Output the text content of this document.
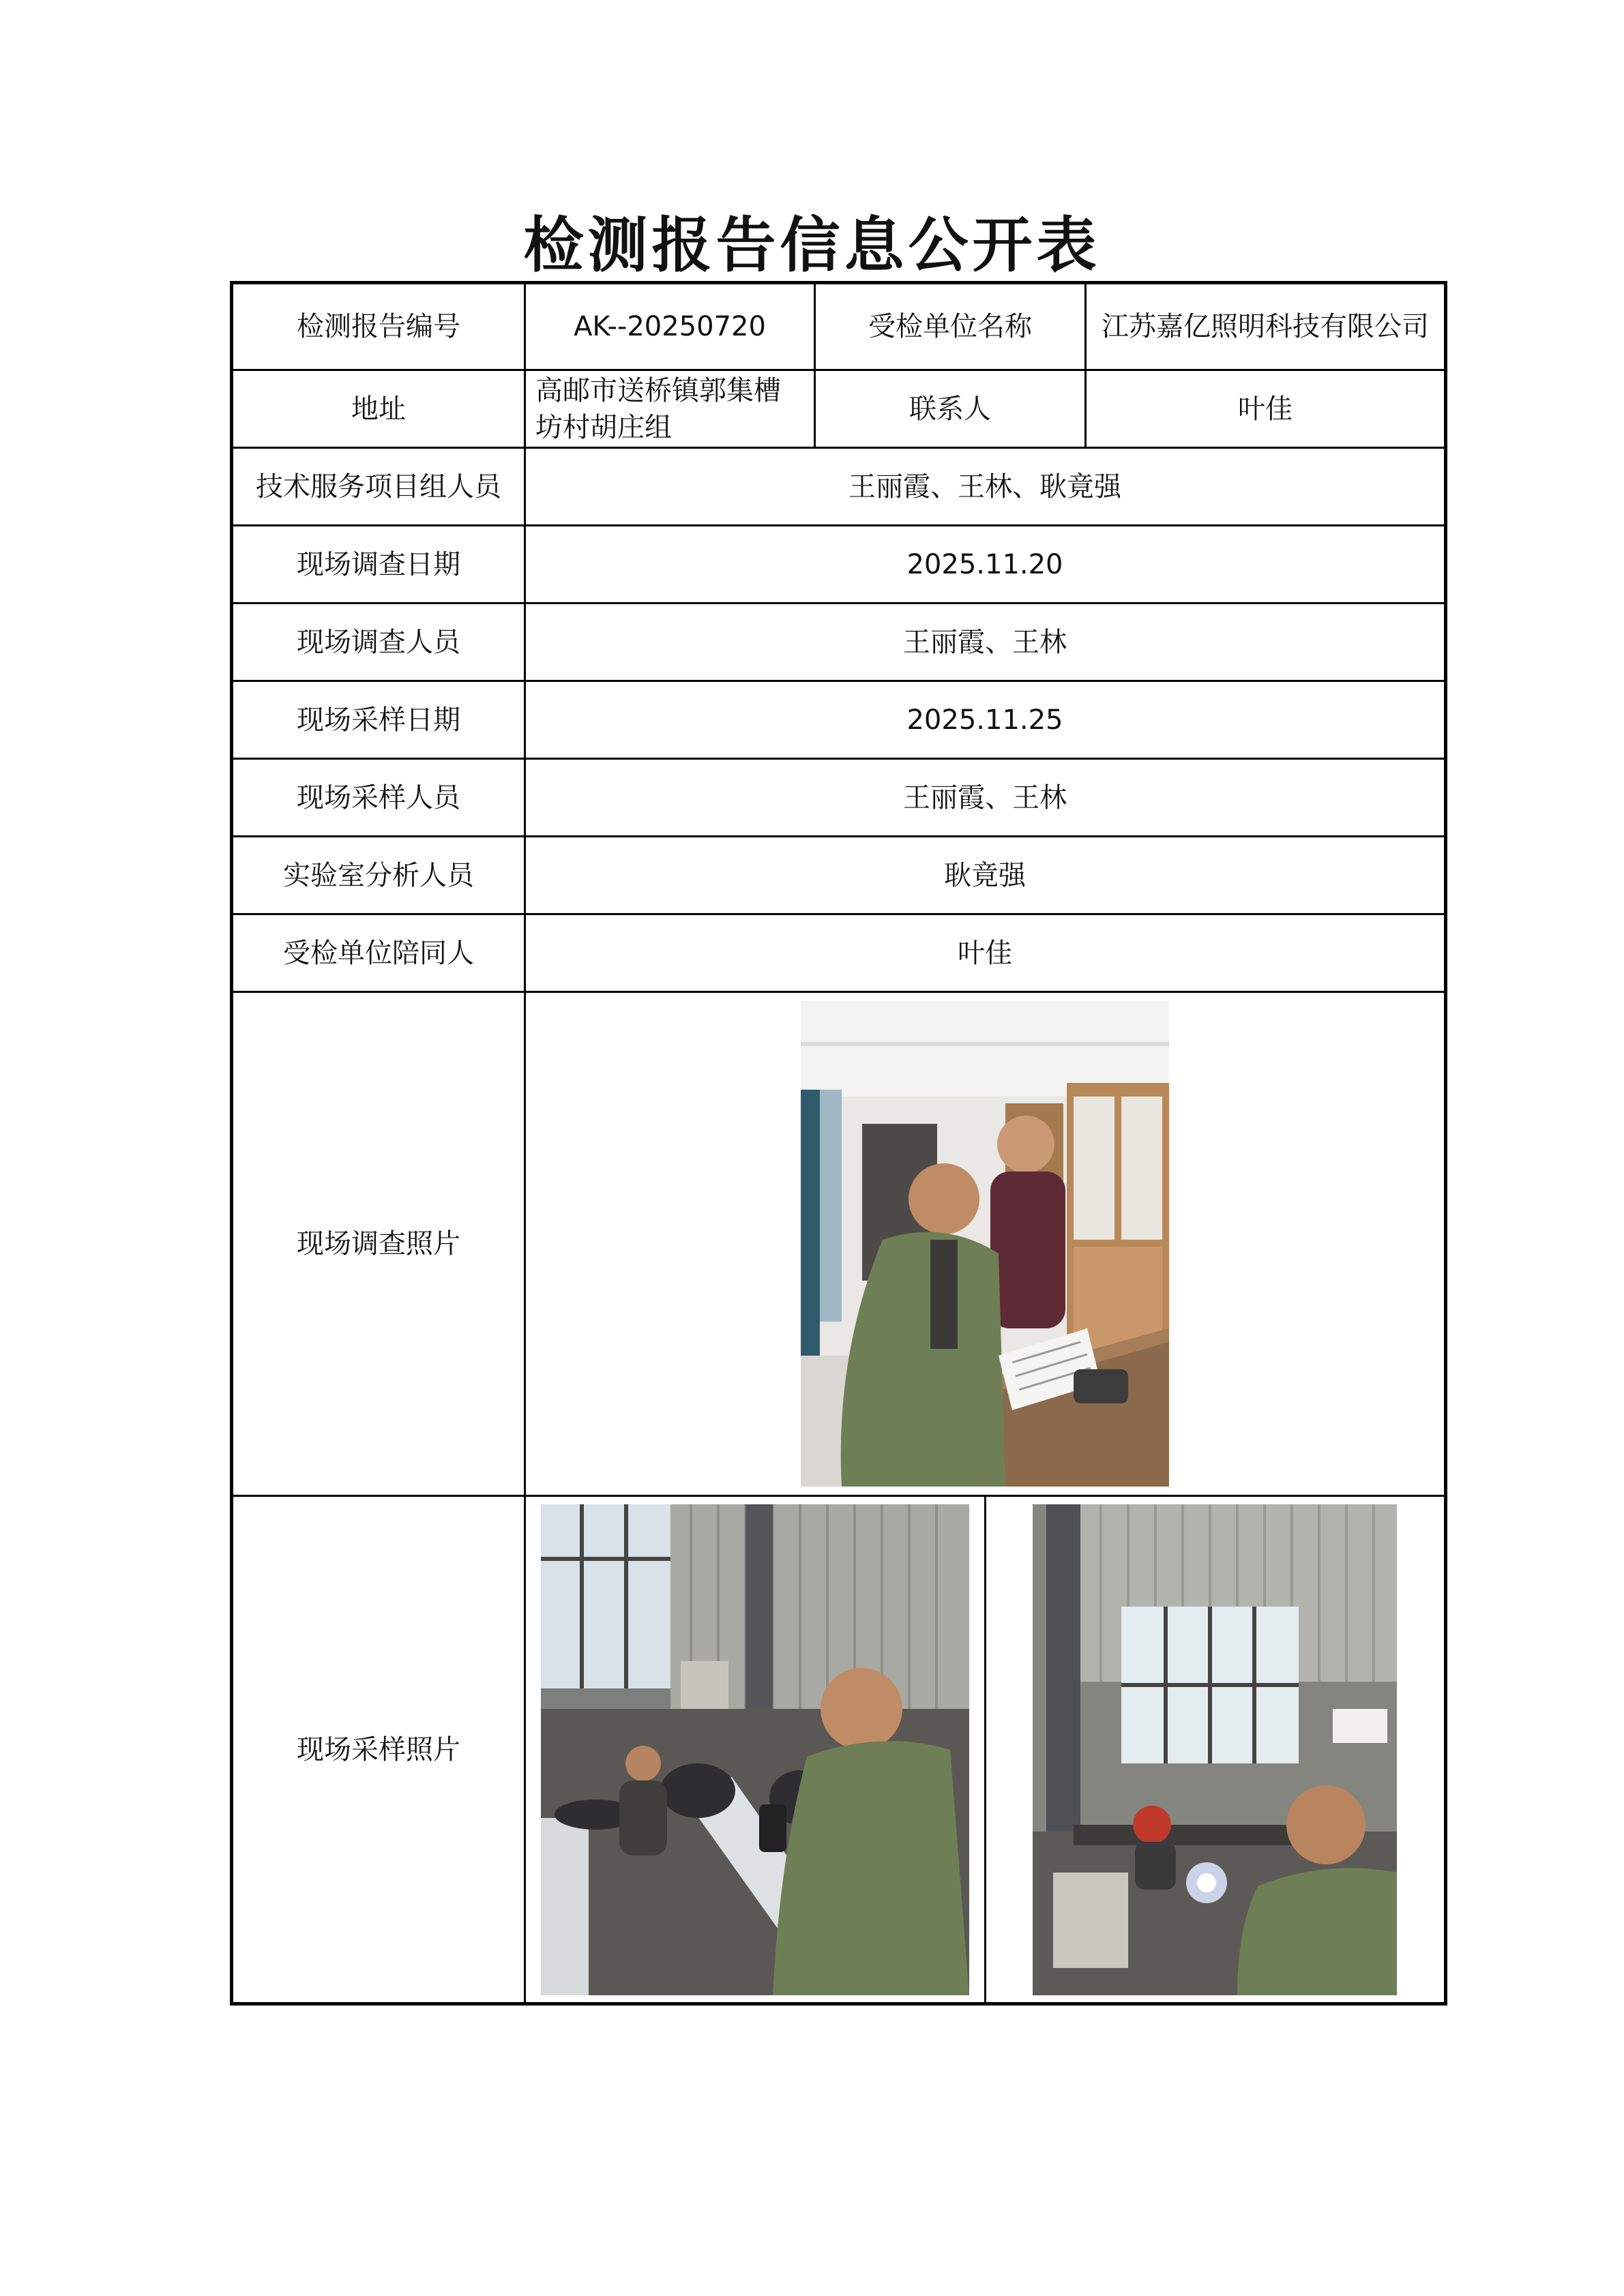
检测报告信息公开表
检测报告编号	AK--20250720	受检单位名称	江苏嘉亿照明科技有限公司
地址	高邮市送桥镇郭集槽坊村胡庄组	联系人	叶佳
技术服务项目组人员	王丽霞、王林、耿竟强		
现场调查日期	2025.11.20		
现场调查人员	王丽霞、王林		
现场采样日期	2025.11.25		
现场采样人员	王丽霞、王林		
实验室分析人员	耿竟强		
受检单位陪同人	叶佳		
现场调查照片	

现场采样照片	
